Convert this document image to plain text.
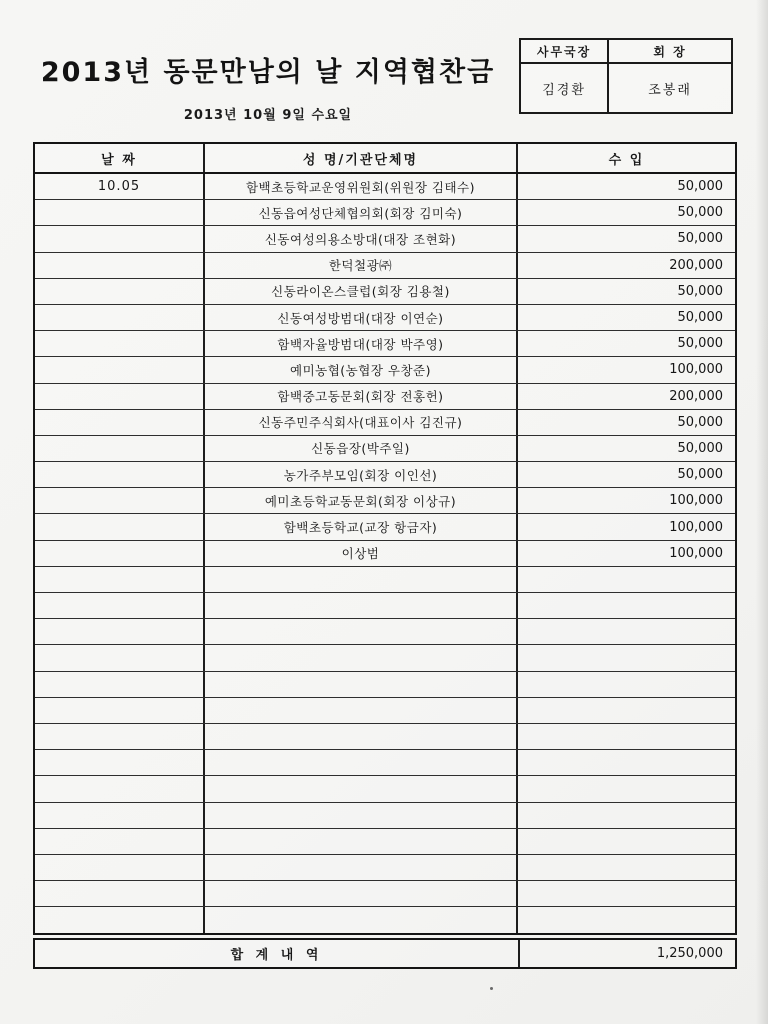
2013년 동문만남의 날 지역협찬금
2013년 10월 9일 수요일
사무국장
김경환
회 장
조봉래
날 짜	성 명/기관단체명	수 입
10.05	함백초등학교운영위원회(위원장 김태수)	50,000
신동읍여성단체협의회(회장 김미숙)	50,000
신동여성의용소방대(대장 조현화)	50,000
한덕철광㈜	200,000
신동라이온스클럽(회장 김용철)	50,000
신동여성방범대(대장 이연순)	50,000
함백자율방범대(대장 박주영)	50,000
예미농협(농협장 우창준)	100,000
함백중고동문회(회장 전홍헌)	200,000
신동주민주식회사(대표이사 김진규)	50,000
신동읍장(박주일)	50,000
농가주부모임(회장 이인선)	50,000
예미초등학교동문회(회장 이상규)	100,000
함백초등학교(교장 항금자)	100,000
이상범	100,000
합 계 내 역	1,250,000
